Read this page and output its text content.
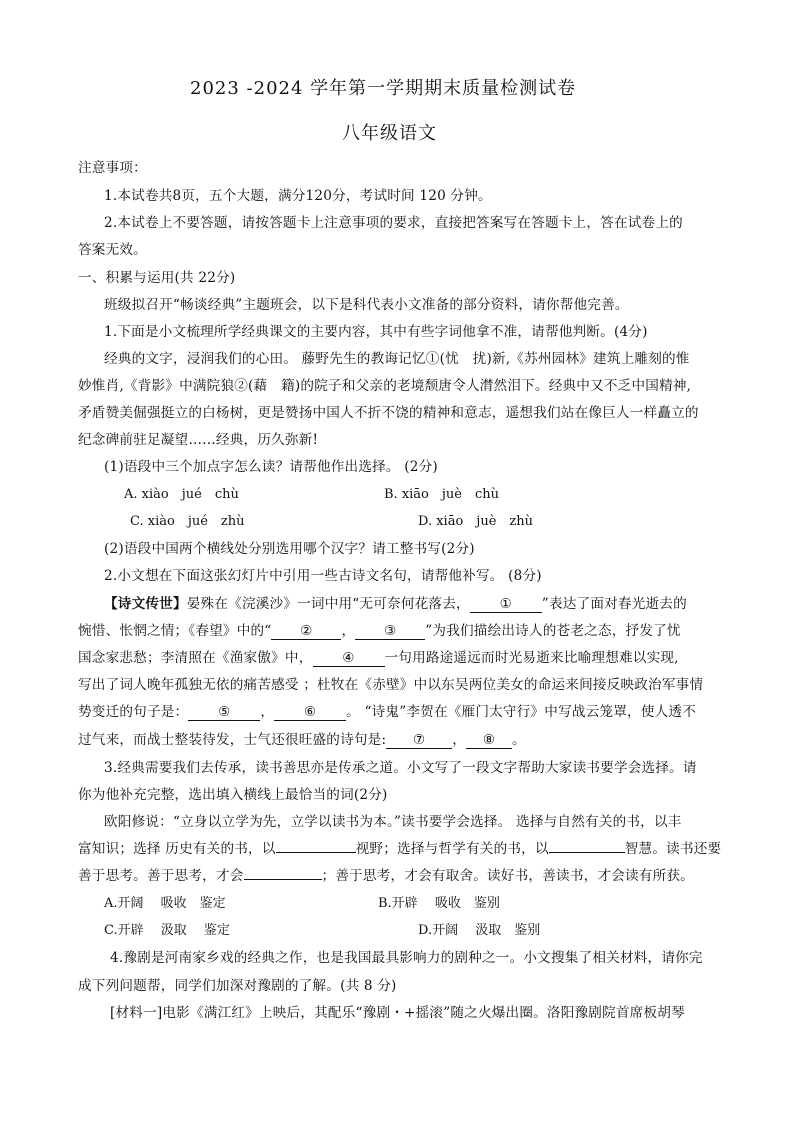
2023 -2024 学年第一学期期末质量检测试卷
八年级语文
注意事项：
1.本试卷共8页，五个大题，满分120分，考试时间 120 分钟。
2.本试卷上不要答题，请按答题卡上注意事项的要求，直接把答案写在答题卡上，答在试卷上的
答案无效。
一、积累与运用(共 22分)
班级拟召开“畅谈经典”主题班会，以下是科代表小文准备的部分资料，请你帮他完善。
1.下面是小文梳理所学经典课文的主要内容，其中有些字词他拿不准，请帮他判断。(4分)
经典的文字，浸润我们的心田。 藤野先生的教诲记忆①(忧　扰)新,《苏州园林》建筑上雕刻的惟
妙惟肖,《背影》中满院狼②(藉　籍)的院子和父亲的老境颓唐令人潸然泪下。经典中又不乏中国精神,
矛盾赞美倔强挺立的白杨树，更是赞扬中国人不折不饶的精神和意志，遥想我们站在像巨人一样矗立的
纪念碑前驻足凝望……经典，历久弥新!
(1)语段中三个加点字怎么读？请帮他作出选择。 (2分)
A. xiào　jué　chù	B. xiāo　juè　chù
C. xiào　jué　zhù	D. xiāo　juè　zhù
(2)语段中国两个横线处分别选用哪个汉字？请工整书写(2分)
2.小文想在下面这张幻灯片中引用一些古诗文名句，请帮他补写。 (8分)
【诗文传世】晏殊在《浣溪沙》一词中用“无可奈何花落去， ① ”表达了面对春光逝去的
惋惜、怅惘之情；《春望》中的“ ② ， ③ ”为我们描绘出诗人的苍老之态，抒发了忧
国念家悲愁；李清照在《渔家傲》中， ④ 一句用路途遥远而时光易逝来比喻理想难以实现,
写出了词人晚年孤独无依的痛苦感受 ；杜牧在《赤壁》中以东吴两位美女的命运来间接反映政治军事情
势变迁的句子是： ⑤ ， ⑥ 。 “诗鬼”李贺在《雁门太守行》中写战云笼罩，使人透不
过气来，而战士整装待发，士气还很旺盛的诗句是: ⑦ ， ⑧ 。
3.经典需要我们去传承，读书善思亦是传承之道。小文写了一段文字帮助大家读书要学会选择。请
你为他补充完整，选出填入横线上最恰当的词(2分)
欧阳修说：“立身以立学为先，立学以读书为本。”读书要学会选择。 选择与自然有关的书，以丰
富知识；选择 历史有关的书，以	视野；选择与哲学有关的书，以	智慧。读书还要
善于思考。善于思考，才会	；善于思考，才会有取舍。读好书，善读书，才会读有所获。
A.开阔　 吸收　鉴定	B.开辟　 吸收　鉴别
C.开辟　 汲取　 鉴定	D.开阔　 汲取　鉴别
4.豫剧是河南家乡戏的经典之作，也是我国最具影响力的剧种之一。小文搜集了相关材料，请你完
成下列问题帮，同学们加深对豫剧的了解。(共 8 分)
[材料一]电影《满江红》上映后，其配乐“豫剧・+摇滚”随之火爆出圈。洛阳豫剧院首席板胡琴
